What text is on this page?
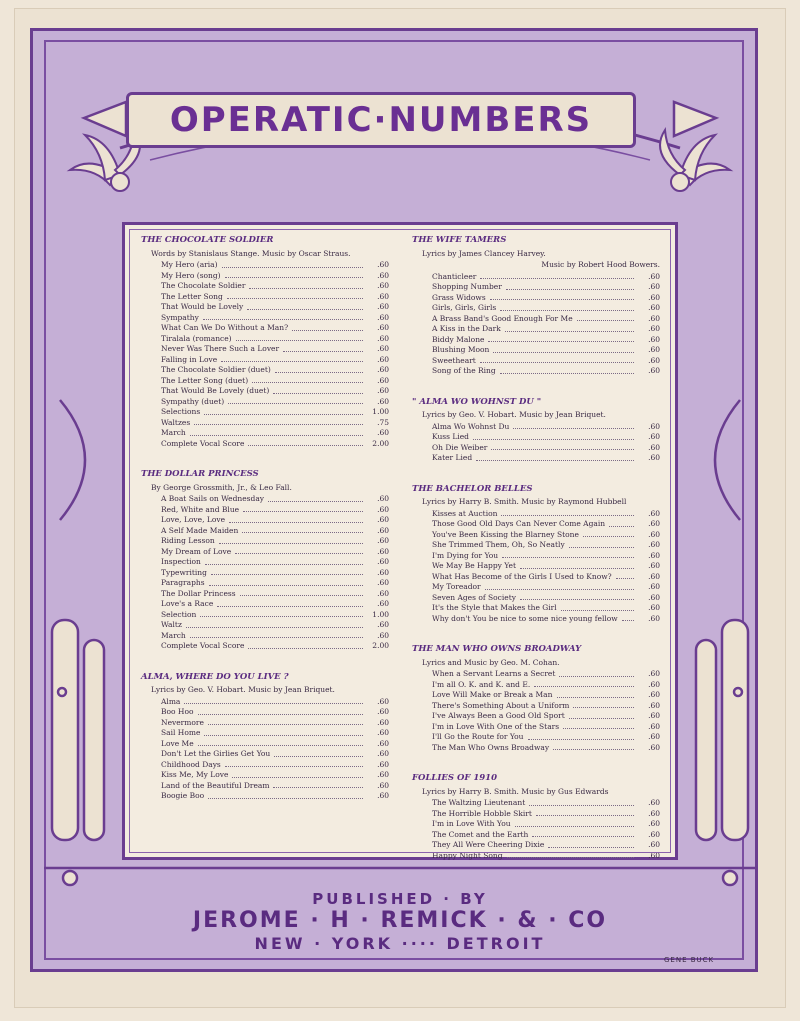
OPERATIC·NUMBERS
THE CHOCOLATE SOLDIER
Words by Stanislaus Stange. Music by Oscar Straus.
My Hero (aria)	.60
My Hero (song)	.60
The Chocolate Soldier	.60
The Letter Song	.60
That Would be Lovely	.60
Sympathy	.60
What Can We Do Without a Man?	.60
Tiralala (romance)	.60
Never Was There Such a Lover	.60
Falling in Love	.60
The Chocolate Soldier (duet)	.60
The Letter Song (duet)	.60
That Would Be Lovely (duet)	.60
Sympathy (duet)	.60
Selections	1.00
Waltzes	.75
March	.60
Complete Vocal Score	2.00
THE DOLLAR PRINCESS
By George Grossmith, Jr., & Leo Fall.
A Boat Sails on Wednesday	.60
Red, White and Blue	.60
Love, Love, Love	.60
A Self Made Maiden	.60
Riding Lesson	.60
My Dream of Love	.60
Inspection	.60
Typewriting	.60
Paragraphs	.60
The Dollar Princess	.60
Love's a Race	.60
Selection	1.00
Waltz	.60
March	.60
Complete Vocal Score	2.00
ALMA, WHERE DO YOU LIVE ?
Lyrics by Geo. V. Hobart. Music by Jean Briquet.
Alma	.60
Boo Hoo	.60
Nevermore	.60
Sail Home	.60
Love Me	.60
Don't Let the Girlies Get You	.60
Childhood Days	.60
Kiss Me, My Love	.60
Land of the Beautiful Dream	.60
Boogie Boo	.60
THE WIFE TAMERS
Lyrics by James Clancey Harvey.
Music by Robert Hood Bowers.
Chanticleer	.60
Shopping Number	.60
Grass Widows	.60
Girls, Girls, Girls	.60
A Brass Band's Good Enough For Me	.60
A Kiss in the Dark	.60
Biddy Malone	.60
Blushing Moon	.60
Sweetheart	.60
Song of the Ring	.60
" ALMA WO WOHNST DU "
Lyrics by Geo. V. Hobart. Music by Jean Briquet.
Alma Wo Wohnst Du	.60
Kuss Lied	.60
Oh Die Weiber	.60
Kater Lied	.60
THE BACHELOR BELLES
Lyrics by Harry B. Smith. Music by Raymond Hubbell
Kisses at Auction	.60
Those Good Old Days Can Never Come Again	.60
You've Been Kissing the Blarney Stone	.60
She Trimmed Them, Oh, So Neatly	.60
I'm Dying for You	.60
We May Be Happy Yet	.60
What Has Become of the Girls I Used to Know?	.60
My Toreador	.60
Seven Ages of Society	.60
It's the Style that Makes the Girl	.60
Why don't You be nice to some nice young fellow	.60
THE MAN WHO OWNS BROADWAY
Lyrics and Music by Geo. M. Cohan.
When a Servant Learns a Secret	.60
I'm all O. K. and K. and E.	.60
Love Will Make or Break a Man	.60
There's Something About a Uniform	.60
I've Always Been a Good Old Sport	.60
I'm in Love With One of the Stars	.60
I'll Go the Route for You	.60
The Man Who Owns Broadway	.60
FOLLIES OF 1910
Lyrics by Harry B. Smith. Music by Gus Edwards
The Waltzing Lieutenant	.60
The Horrible Hobble Skirt	.60
I'm in Love With You	.60
The Comet and the Earth	.60
They All Were Cheering Dixie	.60
Happy Night Song	.60
PUBLISHED · BY
JEROME · H · REMICK · & · CO
NEW · YORK ···· DETROIT
GENE BUCK
